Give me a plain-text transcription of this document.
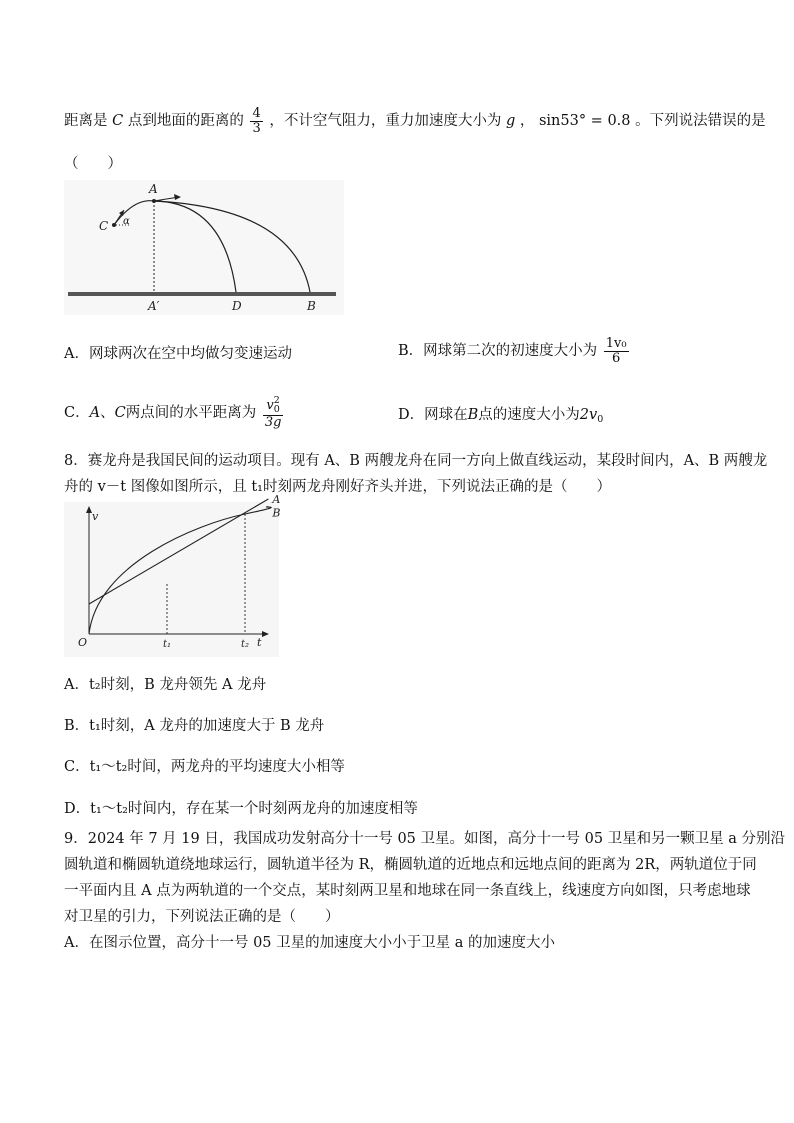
距离是 C 点到地面的距离的 $\frac{4}{3}$ ，不计空气阻力，重力加速度大小为 g ， sin53° = 0.8 。下列说法错误的是
（　　）
A
C α
A′	D	B
A．网球两次在空中均做匀变速运动	B．网球第二次的初速度大小为 $\frac{\text{1v₀}}{6}$
C．A、C两点间的水平距离为 $\frac{v^2_0}{3g}$	D．网球在B点的速度大小为$2v_0$
8．赛龙舟是我国民间的运动项目。现有 A、B 两艘龙舟在同一方向上做直线运动，某段时间内，A、B 两艘龙
舟的 v－t 图像如图所示，且 t₁时刻两龙舟刚好齐头并进，下列说法正确的是（　　）
v
t
O	t₁	t₂
A
B
A．t₂时刻，B 龙舟领先 A 龙舟
B．t₁时刻，A 龙舟的加速度大于 B 龙舟
C．t₁～t₂时间，两龙舟的平均速度大小相等
D．t₁～t₂时间内，存在某一个时刻两龙舟的加速度相等
9．2024 年 7 月 19 日，我国成功发射高分十一号 05 卫星。如图，高分十一号 05 卫星和另一颗卫星 a 分别沿
圆轨道和椭圆轨道绕地球运行，圆轨道半径为 R，椭圆轨道的近地点和远地点间的距离为 2R，两轨道位于同
一平面内且 A 点为两轨道的一个交点，某时刻两卫星和地球在同一条直线上，线速度方向如图，只考虑地球
对卫星的引力，下列说法正确的是（　　）
A．在图示位置，高分十一号 05 卫星的加速度大小小于卫星 a 的加速度大小
